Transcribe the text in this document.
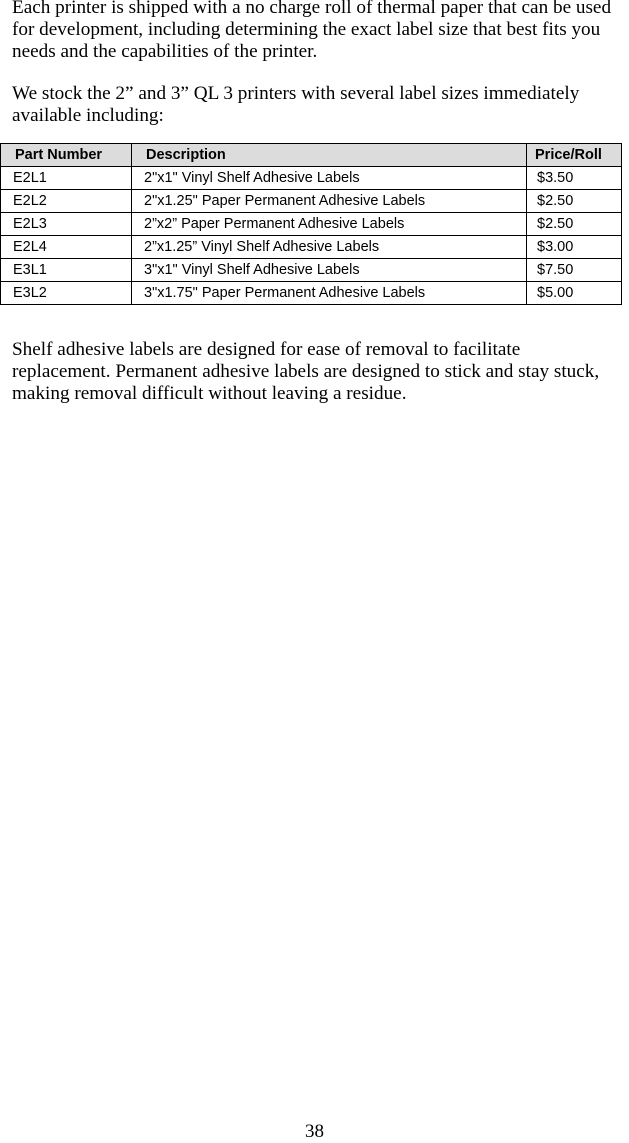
Each printer is shipped with a no charge roll of thermal paper that can be used for development, including determining the exact label size that best fits you needs and the capabilities of the printer.

We stock the 2” and 3” QL 3 printers with several label sizes immediately available including:

Part Number	Description	Price/Roll
E2L1	2"x1" Vinyl Shelf Adhesive Labels	$3.50
E2L2	2"x1.25" Paper Permanent Adhesive Labels	$2.50
E2L3	2”x2” Paper Permanent Adhesive Labels	$2.50
E2L4	2”x1.25” Vinyl Shelf Adhesive Labels	$3.00
E3L1	3"x1" Vinyl Shelf Adhesive Labels	$7.50
E3L2	3"x1.75" Paper Permanent Adhesive Labels	$5.00

Shelf adhesive labels are designed for ease of removal to facilitate replacement. Permanent adhesive labels are designed to stick and stay stuck, making removal difficult without leaving a residue.

38
